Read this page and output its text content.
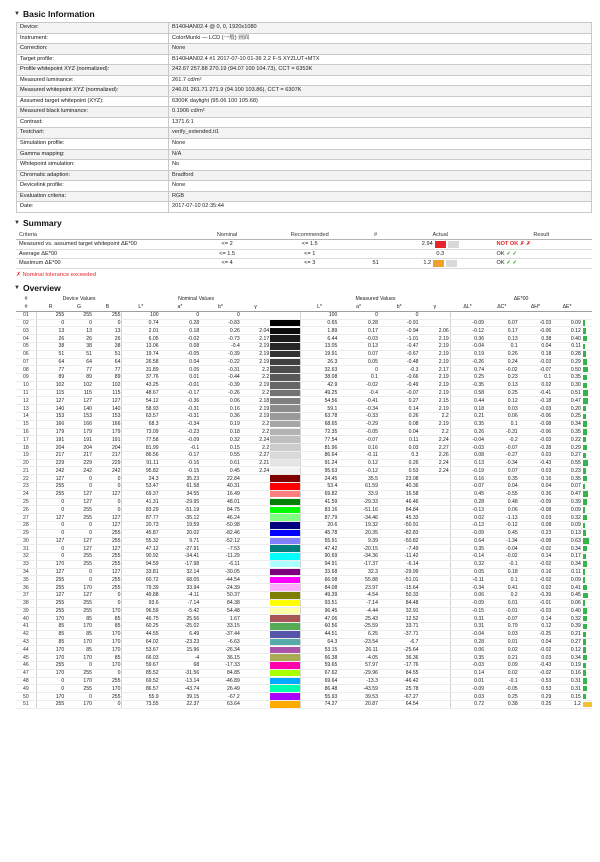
▼ Basic Information
Device:	B140HAN02.4 @ 0, 0, 1920x1080
Instrument:	ColorMunki — LCD (一般) 画面
Correction:	None
Target profile:	B140HAN02.4 #1 2017-07-10 01-36 2.2 F-S XYZLUT+MTX
Profile whitepoint XYZ (normalized):	242.67 257.88 270.19 (94.07 100 104.73), CCT = 6353K
Measured luminance:	261.7 cd/m²
Measured whitepoint XYZ (normalized):	246.01 261.71 271.9 (94.100 103.86), CCT = 6307K
Assumed target whitepoint (XYZ):	6300K daylight (95.06 100 105.68)
Measured black luminance:	0.1906 cd/m²
Contrast:	1371.6:1
Testchart:	verify_extended.ti1
Simulation profile:	None
Gamma mapping:	N/A
Whitepoint simulation:	No
Chromatic adaption:	Bradford
Devicelink profile:	None
Evaluation criteria:	RGB
Date:	2017-07-10 02:35:44
▼ Summary
Criteria	Nominal	Recommended	#	Actual	Result
Measured vs. assumed target whitepoint ΔE*00	<= 2	<= 1.5		2.94	NOT OK ✗ ✗
Average ΔE*00	<= 1.5	<= 1		0.3	OK ✓ ✓
Maximum ΔE*00	<= 4	<= 3	51	1.2	OK ✓ ✓
✗ Nominal tolerance exceeded
▼ Overview
#	Device Values			Nominal Values					Measured Values				ΔE*00				
#	R	G	B	L*	a*	b*	γ		L*	a*	b*	γ	ΔL*	ΔC*	ΔH*	ΔE*	
01	255	255	255	100	0	0			100	0	0						
02	0	0	0	0.74	0.28	-0.83			0.65	0.28	-0.91		-0.09	0.07	-0.03	0.09	

03	13	13	13	2.01	0.18	0.26	2.04		1.89	0.17	-0.94	2.06	-0.12	0.17	-0.06	0.12	

04	26	26	26	6.05	-0.02	-0.73	2.17		6.44	-0.03	-1.01	2.19	0.36	0.13	0.38	0.40	

05	38	38	38	13.06	0.08	-0.4	2.19		13.05	0.13	-0.47	2.19	-0.04	0.1	0.04	0.11	

06	51	51	51	19.74	-0.05	-0.39	2.19		19.91	0.07	-0.67	2.19	0.19	0.26	0.18	0.28	

07	64	64	64	26.58	0.04	-0.22	2.19		26.3	0.05	-0.48	2.19	-0.26	0.24	-0.03	0.29	

08	77	77	77	31.89	0.05	-0.31	2.2		32.63	0	-0.3	2.17	0.74	-0.02	-0.07	0.50	

09	89	89	89	37.76	0.01	-0.44	2.2		38.08	0.1	-0.66	2.19	0.25	0.23	0.1	0.35	

10	102	102	102	43.25	-0.01	-0.39	2.19		42.9	-0.02	-0.49	2.19	-0.35	0.13	0.02	0.30	

11	115	115	115	48.67	-0.17	-0.26	2.2		49.25	-0.4	-0.07	2.19	0.58	0.25	-0.41	0.51	

12	127	127	127	54.12	-0.36	0.06	2.18		54.56	-0.41	0.27	2.15	0.44	0.12	-0.18	0.47	

13	140	140	140	58.93	-0.31	0.16	2.19		59.1	-0.34	0.14	2.19	0.18	0.03	-0.03	0.20	

14	153	153	153	63.57	-0.31	0.36	2.19		63.78	-0.33	0.26	2.2	0.21	0.06	-0.06	0.25	

15	166	166	166	68.3	-0.34	0.19	2.2		68.65	-0.29	0.08	2.19	0.35	0.1	-0.08	0.34	

16	179	179	179	73.09	-0.23	0.18	2.2		72.35	-0.05	0.04	2.2	0.26	-0.31	-0.06	0.35	

17	191	191	191	77.58	-0.09	0.32	2.24		77.54	-0.07	0.11	2.24	-0.04	-0.2	-0.03	0.22	

18	204	204	204	81.99	-0.1	0.15	2.2		81.96	0.16	0.03	2.27	-0.03	-0.07	-0.28	0.29	

19	217	217	217	86.56	-0.17	0.55	2.27		86.64	-0.11	0.3	2.26	0.08	-0.27	0.03	0.27	

20	229	229	229	91.11	-0.16	0.61	2.21		91.24	0.12	0.26	2.24	0.13	-0.34	-0.43	0.55	

21	242	242	242	95.82	-0.15	0.45	2.24		95.63	-0.12	0.53	2.24	-0.19	0.07	0.03	0.23	

22	127	0	0	24.3	35.23	22.84			24.45	35.5	23.08		0.16	0.35	0.16	0.35	

23	255	0	0	53.47	61.58	40.31			53.4	61.59	40.36		-0.07	0.04	0.04	0.07	

24	255	127	127	69.37	34.55	16.49			69.82	33.9	16.58		0.45	-0.55	0.36	0.47	

25	0	127	0	41.31	-29.95	48.01			41.59	-29.33	46.46		0.28	0.48	-0.09	0.39	

26	0	255	0	83.29	-51.19	84.75			83.16	-51.16	84.84		-0.13	0.06	-0.08	0.09	

27	127	255	127	87.77	-35.12	46.24			87.79	-34.46	45.33		0.02	-1.13	0.03	0.32	

28	0	0	127	20.73	19.59	-50.98			20.6	19.32	-50.91		-0.13	-0.12	0.08	0.09	

29	0	0	255	45.87	20.02	-82.46			45.78	20.35	-82.83		-0.09	0.45	0.23	0.13	

30	127	127	255	55.32	9.71	-52.12			55.91	9.39	-50.82		0.64	-1.34	-0.08	0.63	

31	0	127	127	47.12	-27.91	-7.53			47.42	-20.15	-7.49		0.35	-0.04	-0.02	0.34	

32	0	255	255	90.92	-34.41	-11.29			90.69	-34.36	-11.42		-0.14	-0.02	0.14	0.17	

33	170	255	255	94.59	-17.98	-6.11			94.91	-17.37	-6.14		0.32	-0.1	-0.02	0.34	

34	127	0	127	33.81	32.14	-30.05			33.68	32.3	-29.99		0.05	0.18	0.16	0.11	

35	255	0	255	60.72	68.05	-44.54			66.08	55.88	-51.01		-0.11	0.1	-0.02	0.09	

36	255	170	255	79.39	33.94	-24.39			84.08	23.97	-15.64		-0.34	0.41	0.02	0.41	

37	127	127	0	49.88	-4.11	50.37			49.39	-4.54	50.33		0.06	0.2	-0.39	0.45	

38	255	255	0	93.6	-7.14	84.38			93.51	-7.14	84.48		-0.09	0.01	-0.01	0.06	

39	255	255	170	96.59	-5.42	54.48			96.45	-4.44	32.91		-0.15	-0.01	-0.03	0.40	

40	170	85	85	46.75	25.56	1.67			47.06	25.43	12.52		0.31	-0.07	0.14	0.32	

41	85	170	85	60.25	-25.02	33.15			60.56	-25.59	33.71		0.31	0.79	0.12	0.39	

42	85	85	170	44.55	6.49	-37.44			44.51	6.25	-37.71		-0.04	0.03	-0.25	0.21	

43	85	170	170	64.02	-23.23	-6.63			64.3	-23.54	-6.7		0.28	0.01	0.04	0.27	

44	170	85	170	53.67	15.96	-26.34			53.15	26.11	-25.64		0.06	0.02	-0.02	0.12	

45	170	170	85	66.03	-4	36.15			66.38	-4.05	36.36		0.35	0.21	0.03	0.34	

46	255	0	170	59.67	68	-17.33			59.65	57.97	-17.76		-0.03	0.09	-0.43	0.19	

47	170	255	0	85.52	-31.56	84.85			67.62	-29.96	84.55		0.14	0.02	-0.02	0.16	

48	0	170	255	69.52	-13.14	-46.89			69.64	-13.3	-46.42		0.01	-0.1	0.53	0.31	

49	0	255	170	86.57	-43.74	26.49			86.48	-43.59	25.78		-0.09	-0.05	0.53	0.31	

50	170	0	255	55.9	39.15	-67.2			55.93	39.53	-67.27		0.03	0.25	0.29	0.15	

51	255	170	0	73.55	22.37	63.64			74.27	20.87	64.54		0.72	0.38	0.25	1.2	
